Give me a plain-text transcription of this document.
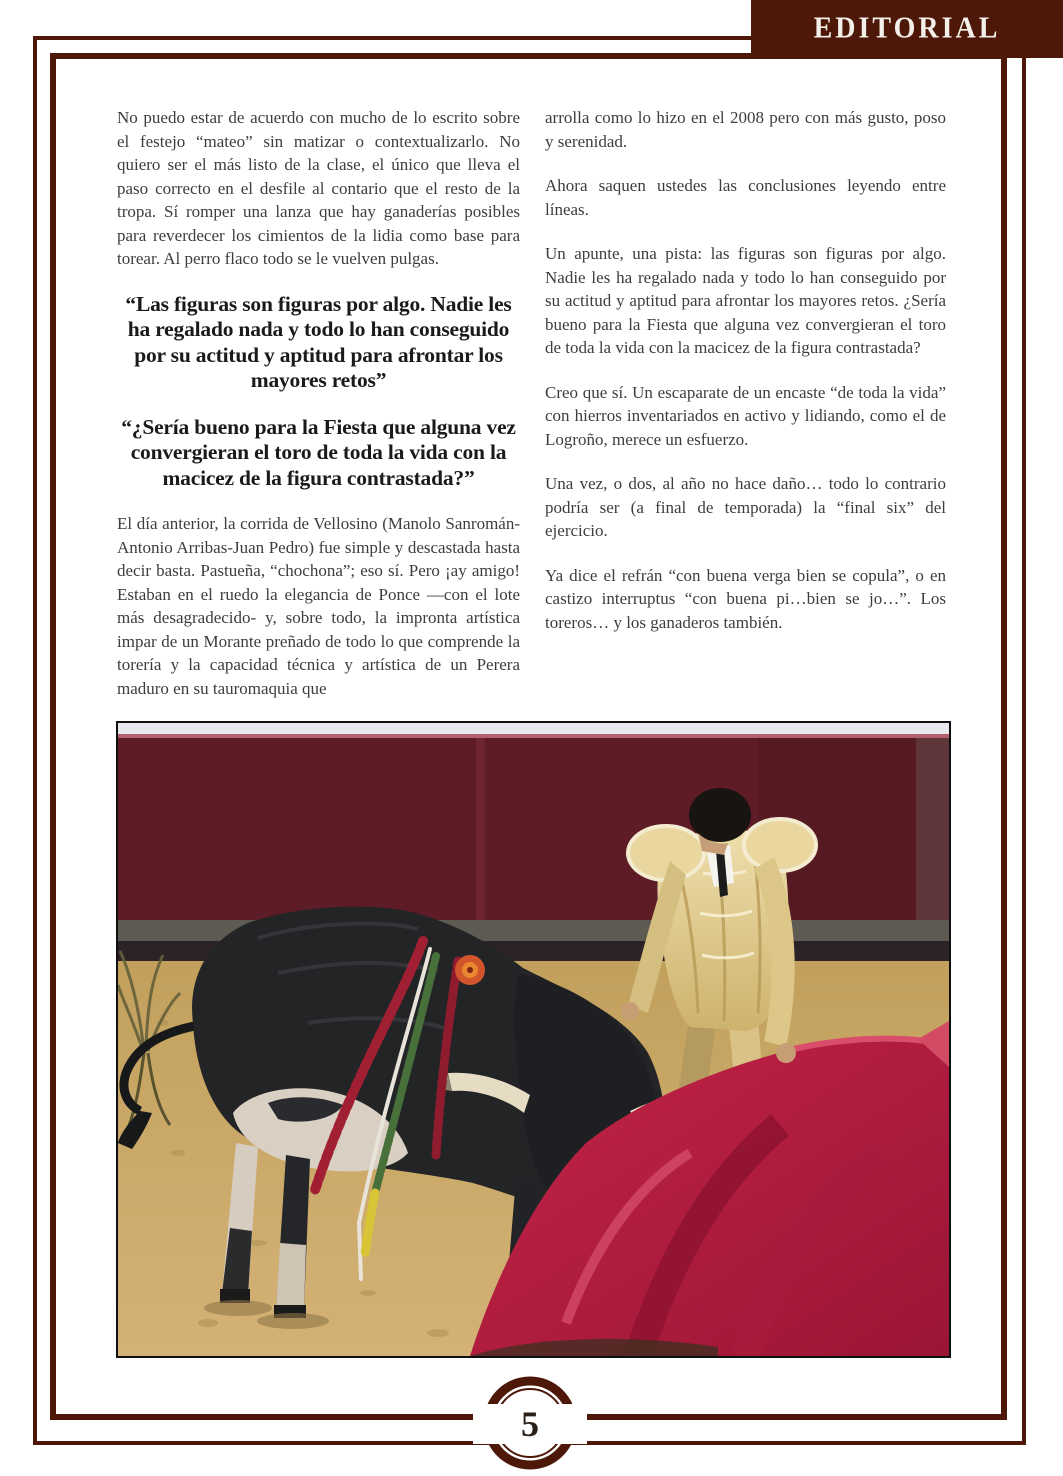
EDITORIAL

No puedo estar de acuerdo con mucho de lo escrito sobre el festejo “mateo” sin matizar o contextualizarlo. No quiero ser el más listo de la clase, el único que lleva el paso correcto en el desfile al contario que el resto de la tropa. Sí romper una lanza que hay ganaderías posibles para reverdecer los cimientos de la lidia como base para torear. Al perro flaco todo se le vuelven pulgas.

“Las figuras son figuras por algo. Nadie les ha regalado nada y todo lo han conseguido por su actitud y aptitud para afrontar los mayores retos”

“¿Sería bueno para la Fiesta que alguna vez convergieran el toro de toda la vida con la macicez de la figura contrastada?”

El día anterior, la corrida de Vellosino (Manolo Sanromán-Antonio Arribas-Juan Pedro) fue simple y descastada hasta decir basta. Pastueña, “chochona”; eso sí. Pero ¡ay amigo! Estaban en el ruedo la elegancia de Ponce —con el lote más desagradecido- y, sobre todo, la impronta artística impar de un Morante preñado de todo lo que comprende la torería y la capacidad técnica y artística de un Perera maduro en su tauromaquia que

arrolla como lo hizo en el 2008 pero con más gusto, poso y serenidad.

Ahora saquen ustedes las conclusiones leyendo entre líneas.

Un apunte, una pista: las figuras son figuras por algo. Nadie les ha regalado nada y todo lo han conseguido por su actitud y aptitud para afrontar los mayores retos. ¿Sería bueno para la Fiesta que alguna vez convergieran el toro de toda la vida con la macicez de la figura contrastada?

Creo que sí. Un escaparate de un encaste “de toda la vida” con hierros inventariados en activo y lidiando, como el de Logroño, merece un esfuerzo.

Una vez, o dos, al año no hace daño… todo lo contrario podría ser (a final de temporada) la “final six” del ejercicio.

Ya dice el refrán “con buena verga bien se copula”, o en castizo interruptus “con buena pi…bien se jo…”. Los toreros… y los ganaderos también.

5
